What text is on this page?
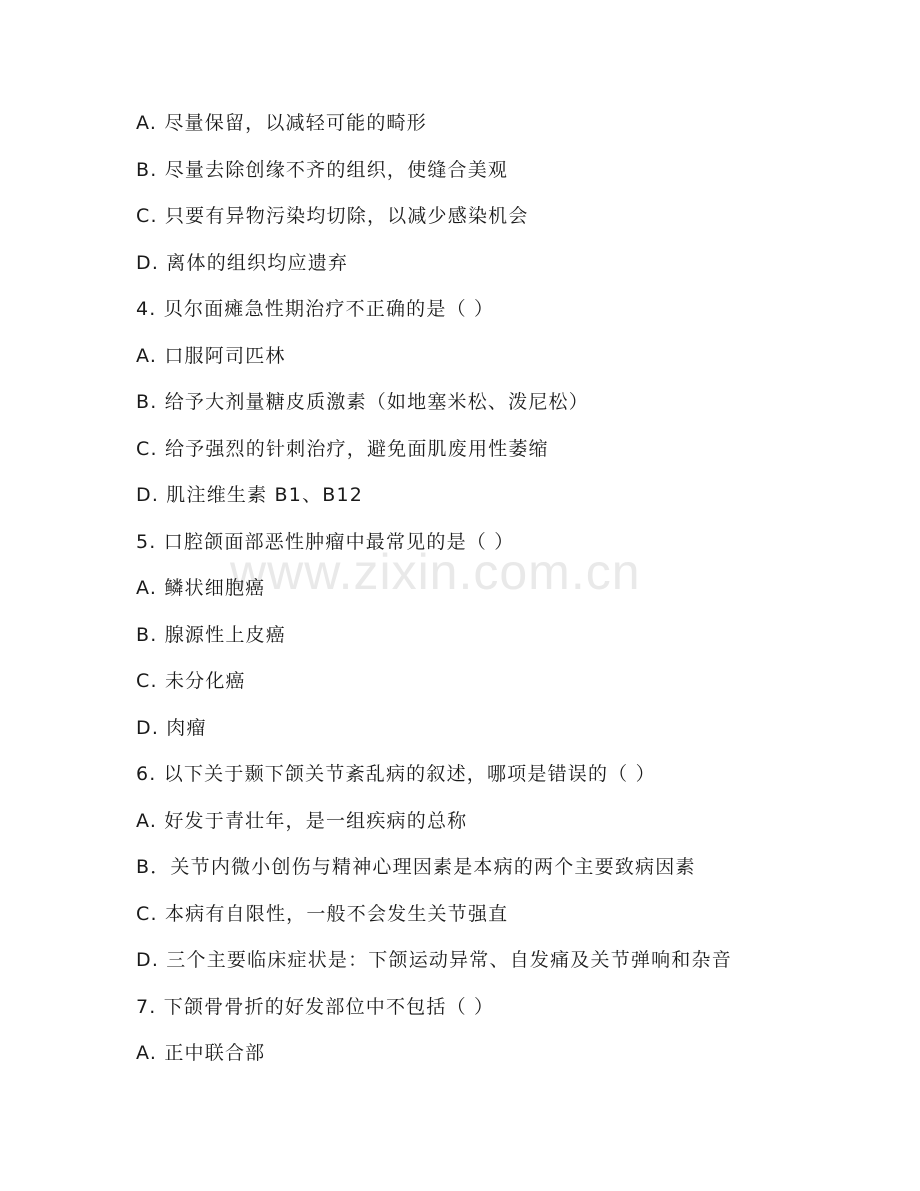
www.zixin.com.cn
A. 尽量保留，以减轻可能的畸形
B. 尽量去除创缘不齐的组织，使缝合美观
C. 只要有异物污染均切除，以减少感染机会
D. 离体的组织均应遗弃
4. 贝尔面瘫急性期治疗不正确的是（ ）
A. 口服阿司匹林
B. 给予大剂量糖皮质激素（如地塞米松、泼尼松）
C. 给予强烈的针刺治疗，避免面肌废用性萎缩
D. 肌注维生素 B1、B12
5. 口腔颌面部恶性肿瘤中最常见的是（ ）
A. 鳞状细胞癌
B. 腺源性上皮癌
C. 未分化癌
D. 肉瘤
6. 以下关于颞下颌关节紊乱病的叙述，哪项是错误的（ ）
A. 好发于青壮年，是一组疾病的总称
B．关节内微小创伤与精神心理因素是本病的两个主要致病因素
C. 本病有自限性，一般不会发生关节强直
D. 三个主要临床症状是：下颌运动异常、自发痛及关节弹响和杂音
7. 下颌骨骨折的好发部位中不包括（ ）
A. 正中联合部
